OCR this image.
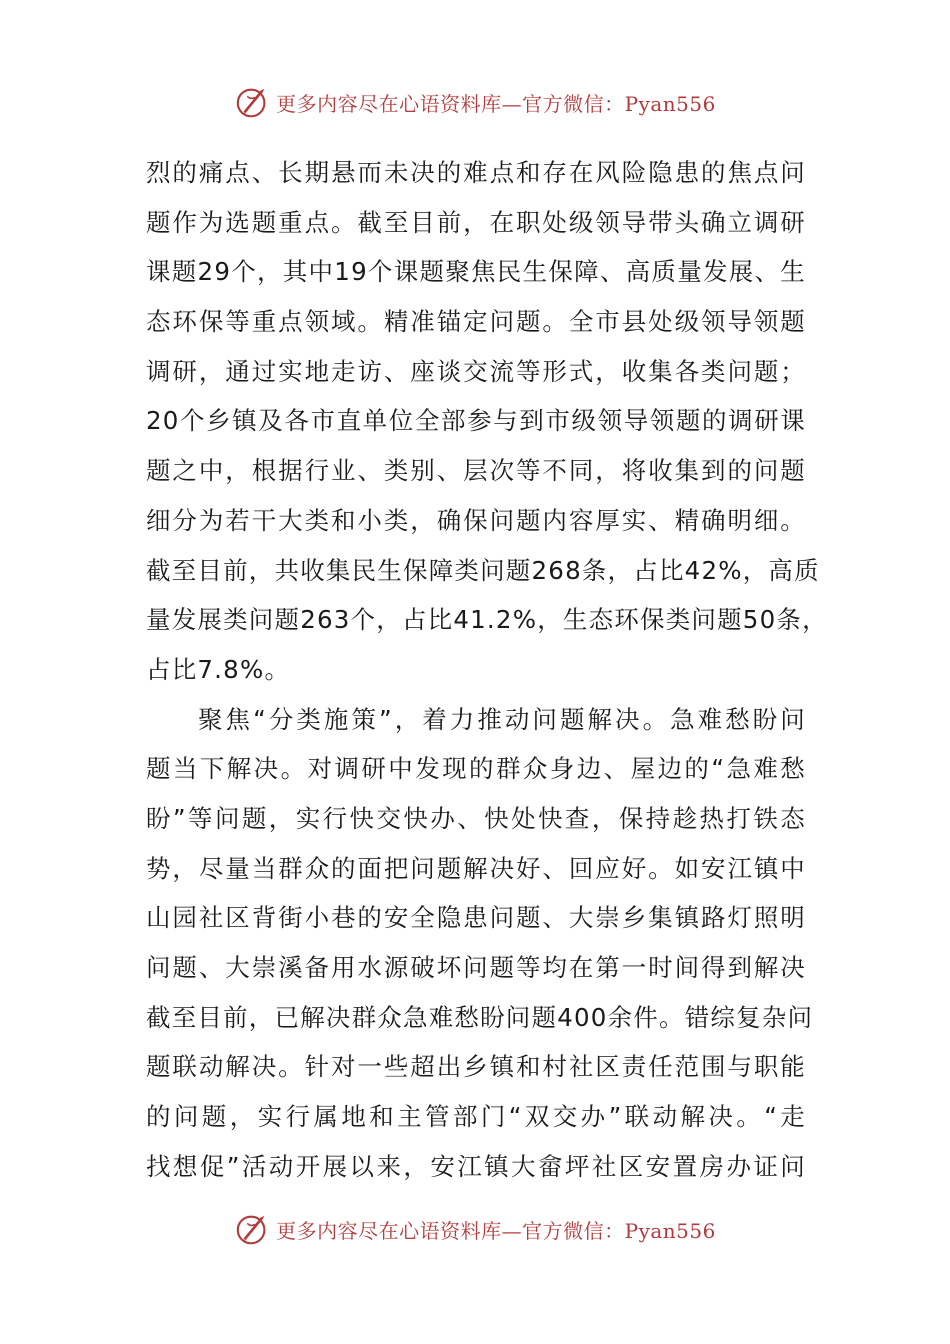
更多内容尽在心语资料库—官方微信：Pyan556
烈的痛点、长期悬而未决的难点和存在风险隐患的焦点问
题作为选题重点。截至目前，在职处级领导带头确立调研
课题29个，其中19个课题聚焦民生保障、高质量发展、生
态环保等重点领域。精准锚定问题。全市县处级领导领题
调研，通过实地走访、座谈交流等形式，收集各类问题；
20个乡镇及各市直单位全部参与到市级领导领题的调研课
题之中，根据行业、类别、层次等不同，将收集到的问题
细分为若干大类和小类，确保问题内容厚实、精确明细。
截至目前，共收集民生保障类问题268条，占比42%，高质
量发展类问题263个，占比41.2%，生态环保类问题50条，
占比7.8%。
聚焦“分类施策”，着力推动问题解决。急难愁盼问
题当下解决。对调研中发现的群众身边、屋边的“急难愁
盼”等问题，实行快交快办、快处快查，保持趁热打铁态
势，尽量当群众的面把问题解决好、回应好。如安江镇中
山园社区背街小巷的安全隐患问题、大崇乡集镇路灯照明
问题、大崇溪备用水源破坏问题等均在第一时间得到解决
截至目前，已解决群众急难愁盼问题400余件。错综复杂问
题联动解决。针对一些超出乡镇和村社区责任范围与职能
的问题，实行属地和主管部门“双交办”联动解决。“走
找想促”活动开展以来，安江镇大畲坪社区安置房办证问
更多内容尽在心语资料库—官方微信：Pyan556
